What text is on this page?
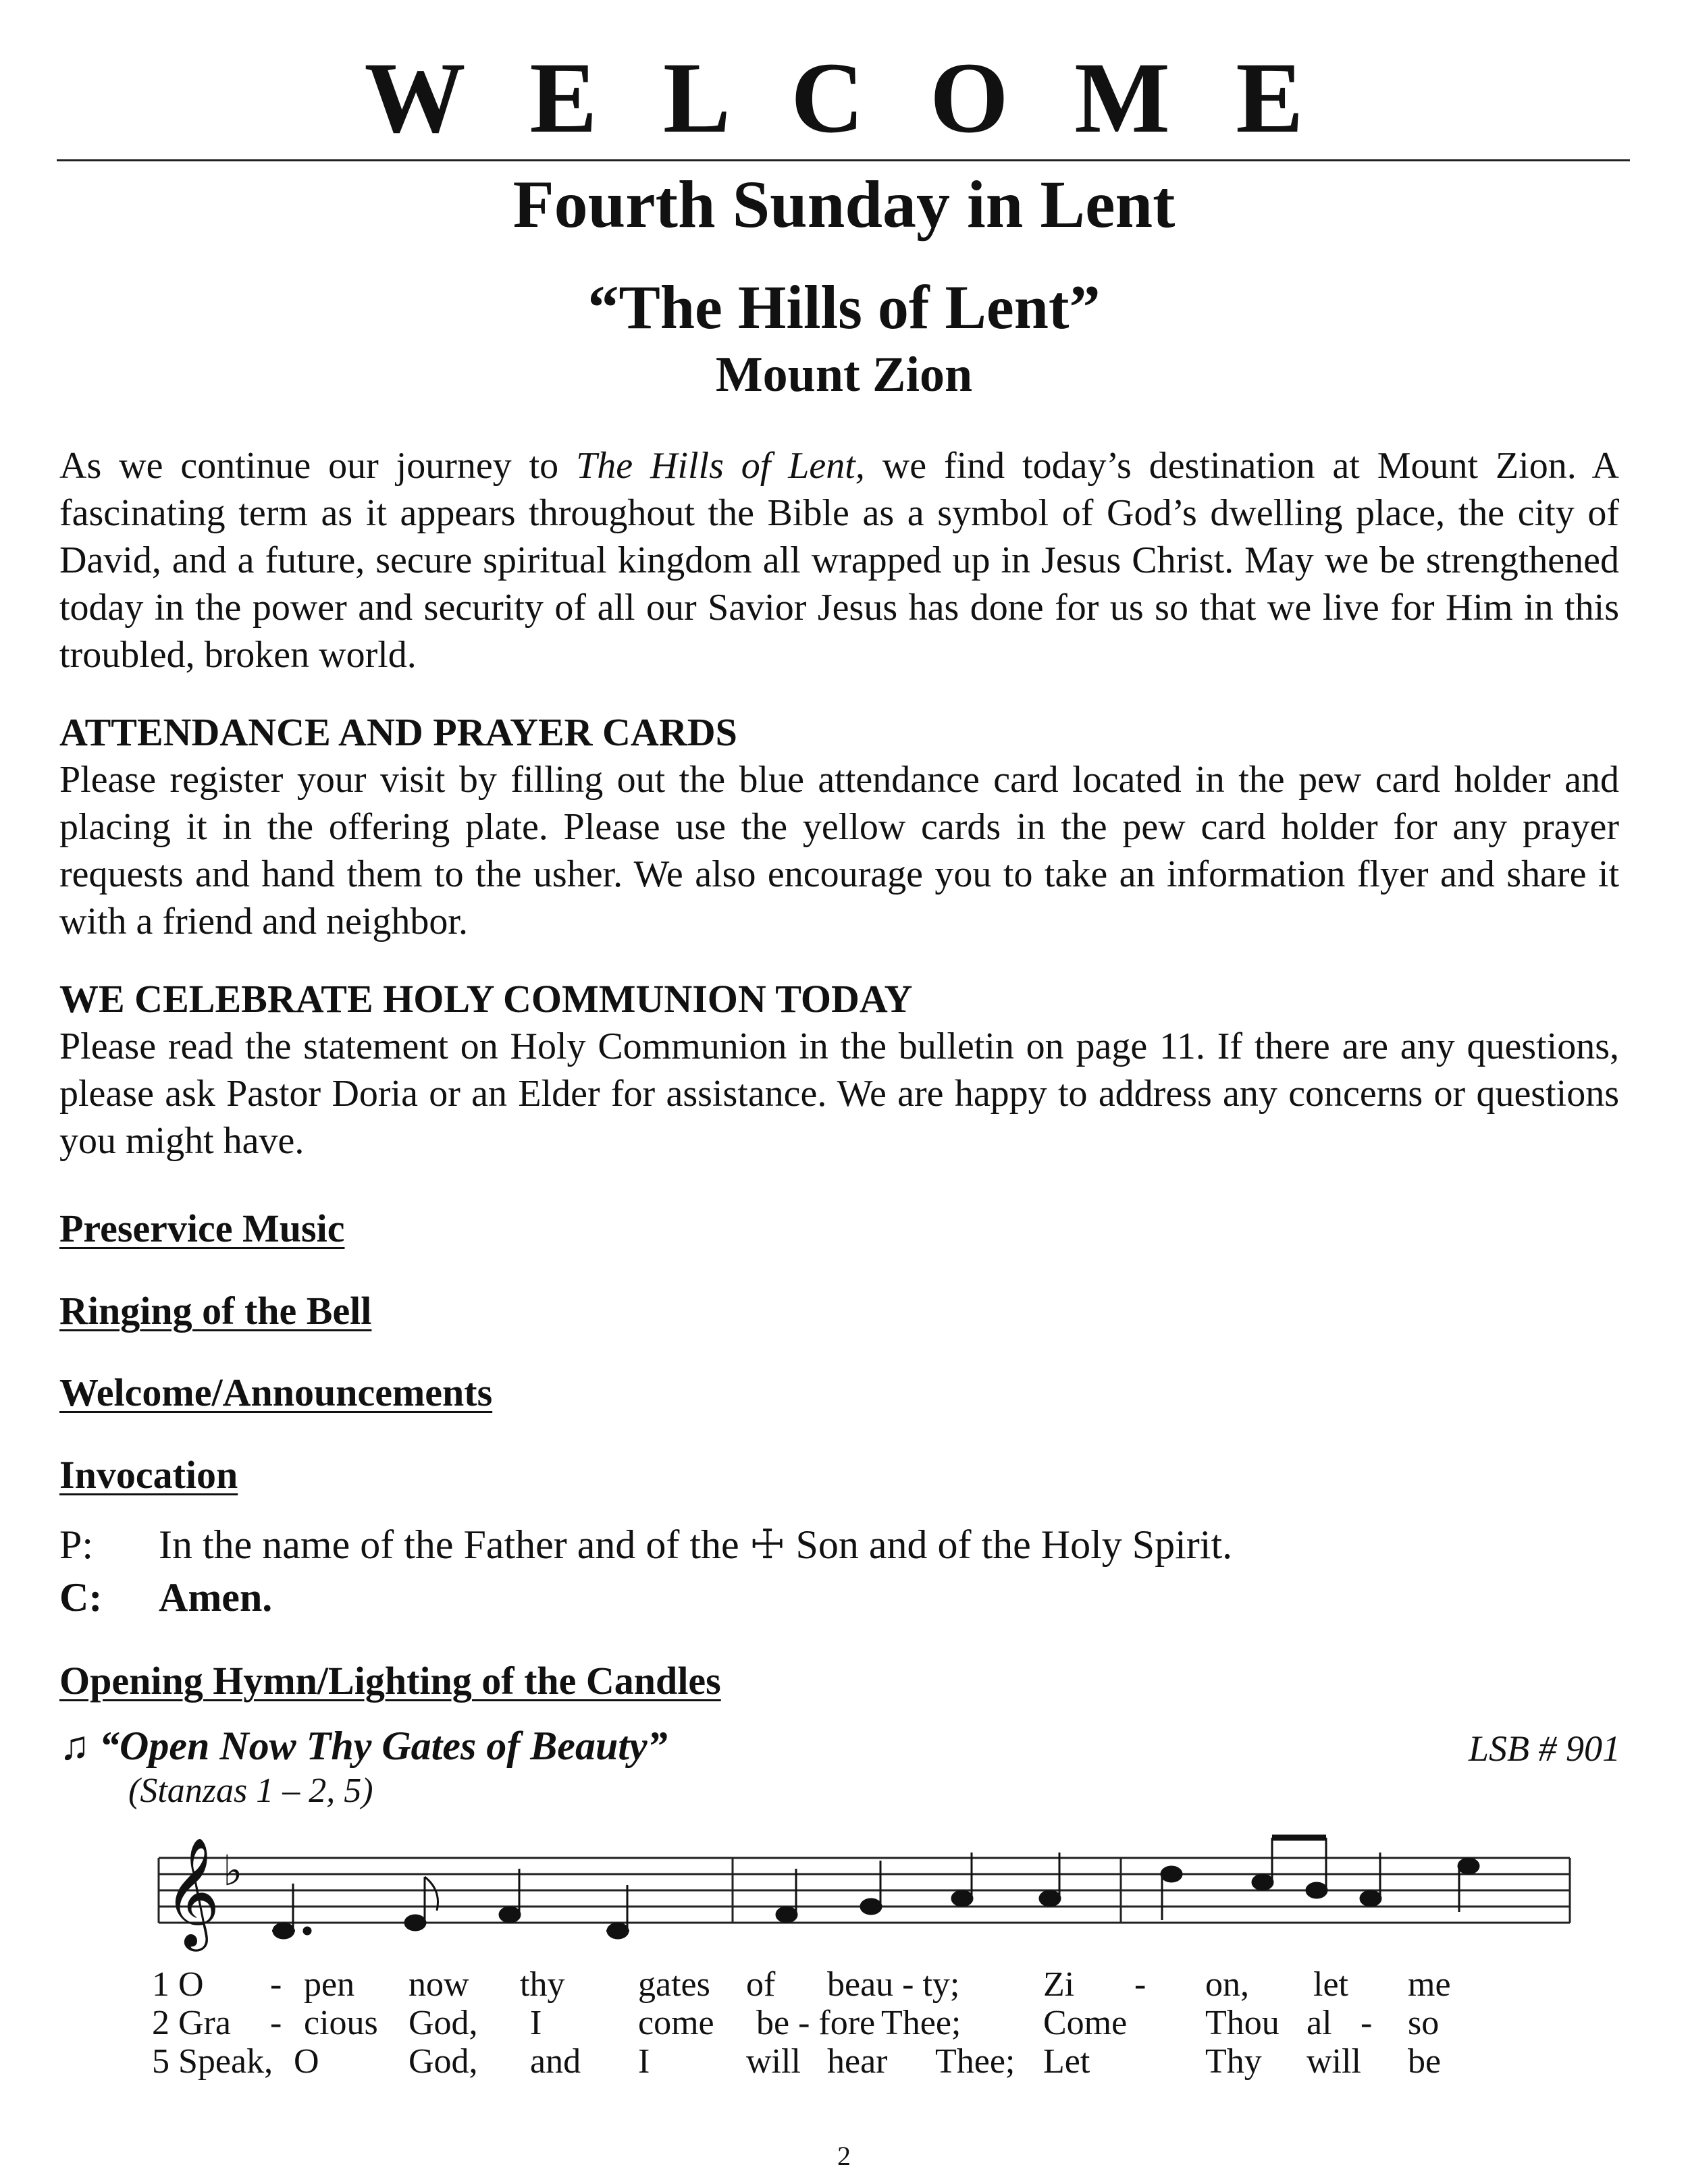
W E L C O M E
Fourth Sunday in Lent
“The Hills of Lent”
Mount Zion
As we continue our journey to The Hills of Lent, we find today’s destination at Mount Zion. A fascinating term as it appears throughout the Bible as a symbol of God’s dwelling place, the city of David, and a future, secure spiritual kingdom all wrapped up in Jesus Christ. May we be strengthened today in the power and security of all our Savior Jesus has done for us so that we live for Him in this troubled, broken world.
ATTENDANCE AND PRAYER CARDS
Please register your visit by filling out the blue attendance card located in the pew card holder and placing it in the offering plate. Please use the yellow cards in the pew card holder for any prayer requests and hand them to the usher. We also encourage you to take an information flyer and share it with a friend and neighbor.
WE CELEBRATE HOLY COMMUNION TODAY
Please read the statement on Holy Communion in the bulletin on page 11. If there are any questions, please ask Pastor Doria or an Elder for assistance. We are happy to address any concerns or questions you might have.
Preservice Music
Ringing of the Bell
Welcome/Announcements
Invocation
P: In the name of the Father and of the ☩ Son and of the Holy Spirit.
C: Amen.
Opening Hymn/Lighting of the Candles
♫ “Open Now Thy Gates of Beauty”	LSB # 901
(Stanzas 1 – 2, 5)
𝄞 ♭
1 O - pen now thy gates of beau - ty; Zi - on, let me
2 Gra - cious God, I	come be - fore Thee; Come Thou al - so
5 Speak, O	God, and I	will hear Thee; Let	Thy will be
2
